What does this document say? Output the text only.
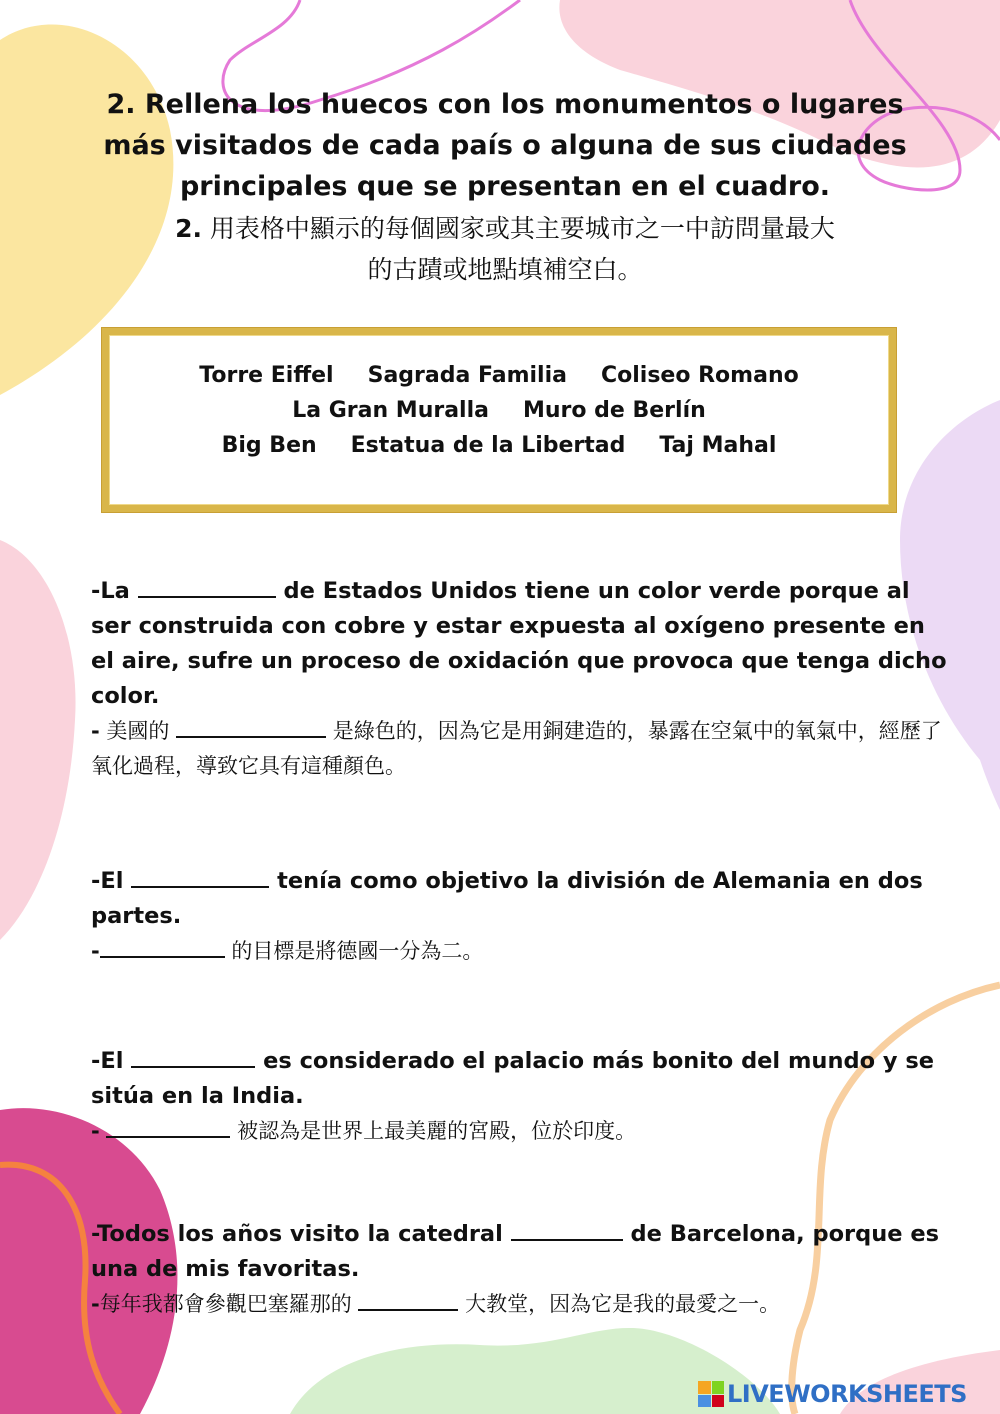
2. Rellena los huecos con los monumentos o lugares
más visitados de cada país o alguna de sus ciudades
principales que se presentan en el cuadro.
2. 用表格中顯示的每個國家或其主要城市之一中訪問量最大
的古蹟或地點填補空白。
Torre Eiffel Sagrada Familia Coliseo Romano
La Gran Muralla Muro de Berlín
Big Ben Estatua de la Libertad Taj Mahal
-La	de Estados Unidos tiene un color verde porque al ser construida con cobre y estar expuesta al oxígeno presente en el aire, sufre un proceso de oxidación que provoca que tenga dicho color.
- 美國的	是綠色的，因為它是用銅建造的，暴露在空氣中的氧氣中，經歷了氧化過程，導致它具有這種顏色。
-El	tenía como objetivo la división de Alemania en dos partes.
-	的目標是將德國一分為二。
-El	es considerado el palacio más bonito del mundo y se sitúa en la India.
-	被認為是世界上最美麗的宮殿，位於印度。
-Todos los años visito la catedral	de Barcelona, porque es una de mis favoritas.
-每年我都會參觀巴塞羅那的	大教堂，因為它是我的最愛之一。
LIVEWORKSHEETS
